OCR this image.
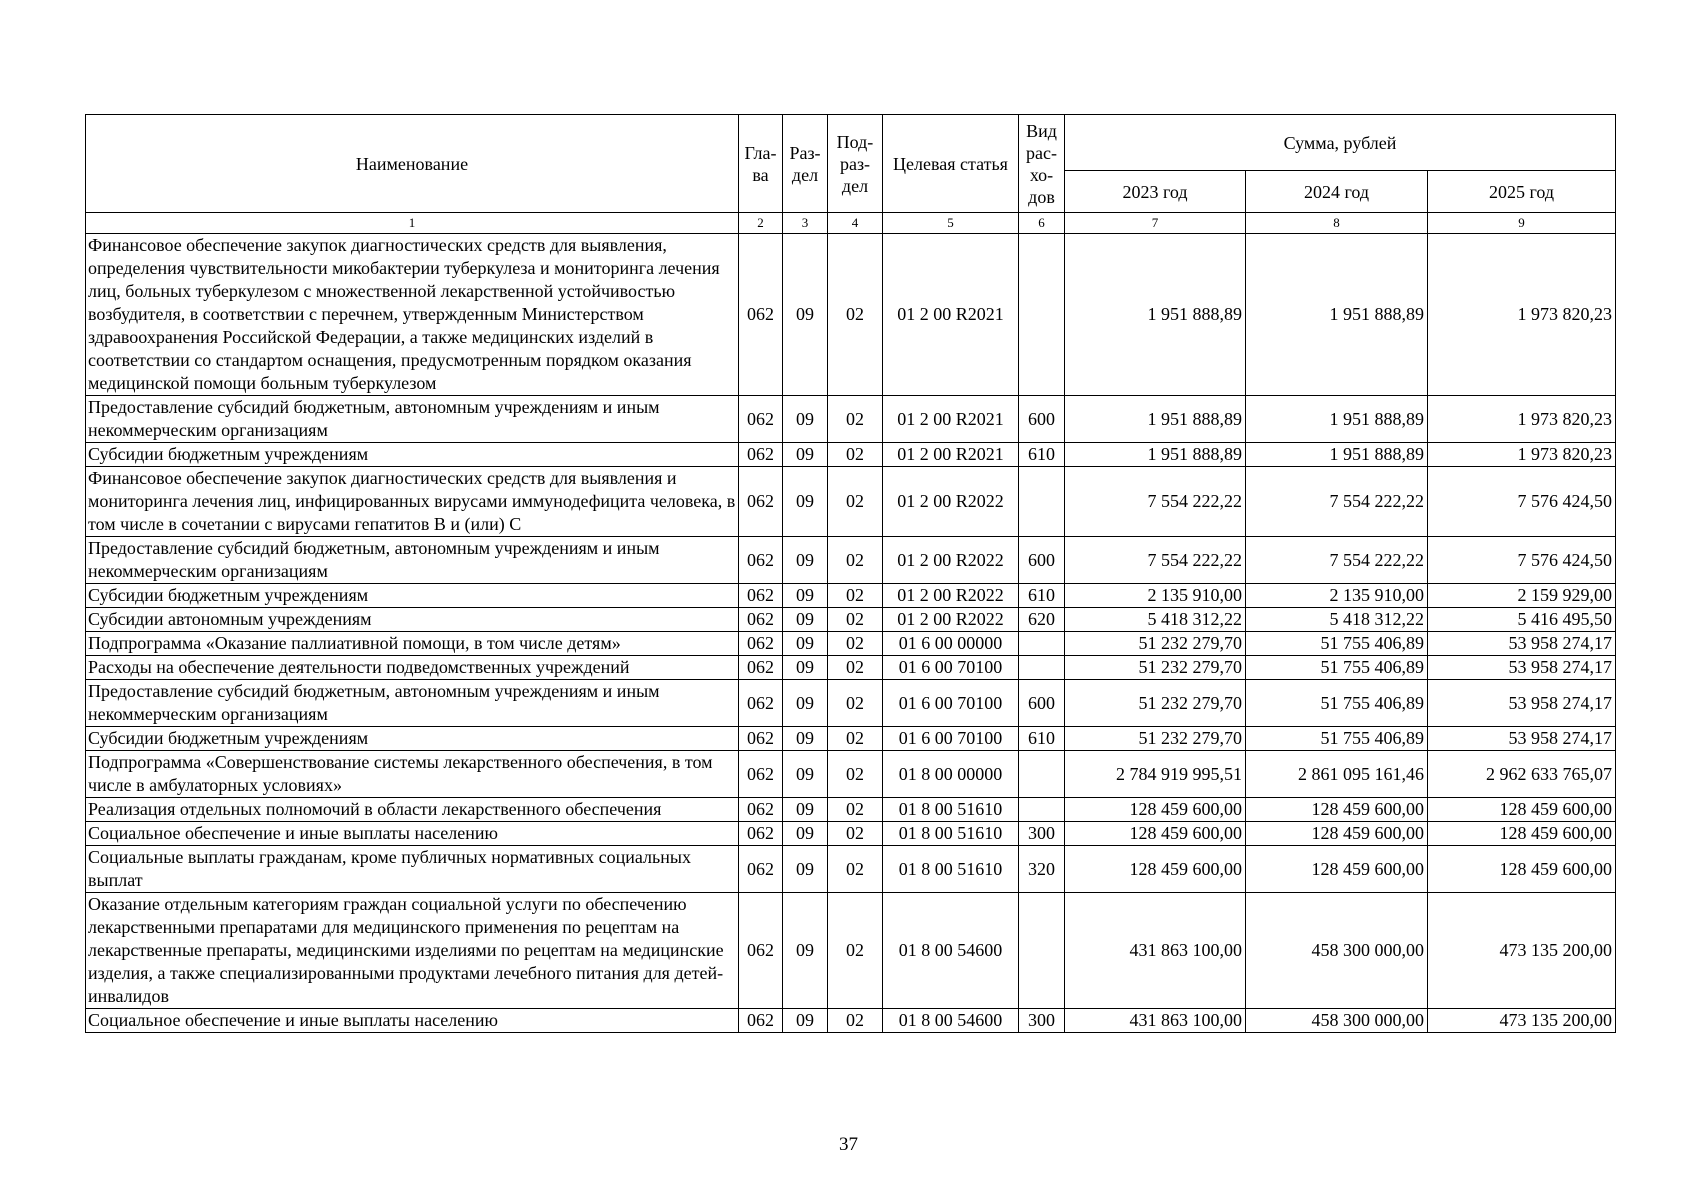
Наименование	Гла-ва	Раз-дел	Под-раз-дел	Целевая статья	Вид рас-хо-дов	Сумма, рублей		
						2023 год	2024 год	2025 год
1	2	3	4	5	6	7	8	9
Финансовое обеспечение закупок диагностических средств для выявления, определения чувствительности микобактерии туберкулеза и мониторинга лечения лиц, больных туберкулезом с множественной лекарственной устойчивостью возбудителя, в соответствии с перечнем, утвержденным Министерством здравоохранения Российской Федерации, а также медицинских изделий в соответствии со стандартом оснащения, предусмотренным порядком оказания медицинской помощи больным туберкулезом	062	09	02	01 2 00 R2021		1 951 888,89	1 951 888,89	1 973 820,23
Предоставление субсидий бюджетным, автономным учреждениям и иным некоммерческим организациям	062	09	02	01 2 00 R2021	600	1 951 888,89	1 951 888,89	1 973 820,23
Субсидии бюджетным учреждениям	062	09	02	01 2 00 R2021	610	1 951 888,89	1 951 888,89	1 973 820,23
Финансовое обеспечение закупок диагностических средств для выявления и мониторинга лечения лиц, инфицированных вирусами иммунодефицита человека, в том числе в сочетании с вирусами гепатитов B и (или) C	062	09	02	01 2 00 R2022		7 554 222,22	7 554 222,22	7 576 424,50
Предоставление субсидий бюджетным, автономным учреждениям и иным некоммерческим организациям	062	09	02	01 2 00 R2022	600	7 554 222,22	7 554 222,22	7 576 424,50
Субсидии бюджетным учреждениям	062	09	02	01 2 00 R2022	610	2 135 910,00	2 135 910,00	2 159 929,00
Субсидии автономным учреждениям	062	09	02	01 2 00 R2022	620	5 418 312,22	5 418 312,22	5 416 495,50
Подпрограмма «Оказание паллиативной помощи, в том числе детям»	062	09	02	01 6 00 00000		51 232 279,70	51 755 406,89	53 958 274,17
Расходы на обеспечение деятельности подведомственных учреждений	062	09	02	01 6 00 70100		51 232 279,70	51 755 406,89	53 958 274,17
Предоставление субсидий бюджетным, автономным учреждениям и иным некоммерческим организациям	062	09	02	01 6 00 70100	600	51 232 279,70	51 755 406,89	53 958 274,17
Субсидии бюджетным учреждениям	062	09	02	01 6 00 70100	610	51 232 279,70	51 755 406,89	53 958 274,17
Подпрограмма «Совершенствование системы лекарственного обеспечения, в том числе в амбулаторных условиях»	062	09	02	01 8 00 00000		2 784 919 995,51	2 861 095 161,46	2 962 633 765,07
Реализация отдельных полномочий в области лекарственного обеспечения	062	09	02	01 8 00 51610		128 459 600,00	128 459 600,00	128 459 600,00
Социальное обеспечение и иные выплаты населению	062	09	02	01 8 00 51610	300	128 459 600,00	128 459 600,00	128 459 600,00
Социальные выплаты гражданам, кроме публичных нормативных социальных выплат	062	09	02	01 8 00 51610	320	128 459 600,00	128 459 600,00	128 459 600,00
Оказание отдельным категориям граждан социальной услуги по обеспечению лекарственными препаратами для медицинского применения по рецептам на лекарственные препараты, медицинскими изделиями по рецептам на медицинские изделия, а также специализированными продуктами лечебного питания для детей-инвалидов	062	09	02	01 8 00 54600		431 863 100,00	458 300 000,00	473 135 200,00
Социальное обеспечение и иные выплаты населению	062	09	02	01 8 00 54600	300	431 863 100,00	458 300 000,00	473 135 200,00
37
